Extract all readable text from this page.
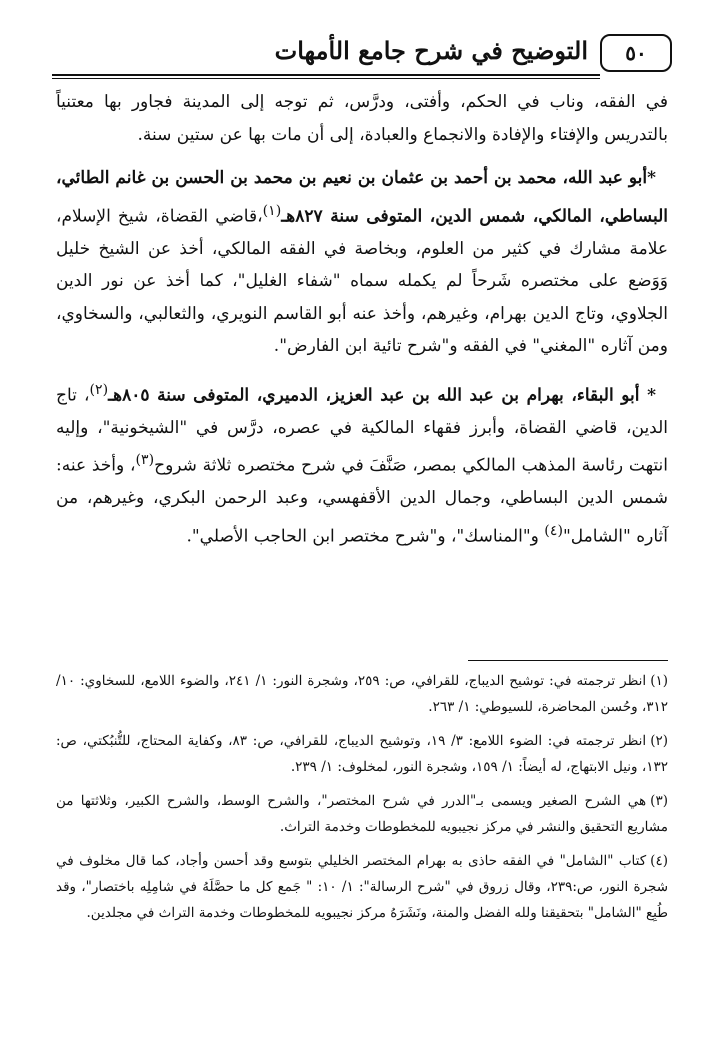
٥٠
التوضيح في شرح جامع الأمهات

في الفقه، وناب في الحكم، وأفتى، ودرَّس، ثم توجه إلى المدينة فجاور بها معتنياً بالتدريس والإفتاء والإفادة والانجماع والعبادة، إلى أن مات بها عن ستين سنة.

*أبو عبد الله، محمد بن أحمد بن عثمان بن نعيم بن محمد بن الحسن بن غانم الطائي، البساطي، المالكي، شمس الدين، المتوفى سنة ٨٢٧هـ$^{(١)}$،قاضي القضاة، شيخ الإسلام، علامة مشارك في كثير من العلوم، وبخاصة في الفقه المالكي، أخذ عن الشيخ خليل وَوَضع على مختصره شَرحاً لم يكمله سماه "شفاء الغليل"، كما أخذ عن نور الدين الجلاوي، وتاج الدين بهرام، وغيرهم، وأخذ عنه أبو القاسم النويري، والثعالبي، والسخاوي، ومن آثاره "المغني" في الفقه و"شرح تائية ابن الفارض".

* أبو البقاء، بهرام بن عبد الله بن عبد العزيز، الدميري، المتوفى سنة ٨٠٥هـ$^{(٢)}$، تاج الدين، قاضي القضاة، وأبرز فقهاء المالكية في عصره، درَّس في "الشيخونية"، وإليه انتهت رئاسة المذهب المالكي بمصر، صَنَّفَ في شرح مختصره ثلاثة شروح$^{(٣)}$، وأخذ عنه: شمس الدين البساطي، وجمال الدين الأقفهسي، وعبد الرحمن البكري، وغيرهم، من آثاره "الشامل"$^{(٤)}$ و"المناسك"، و"شرح مختصر ابن الحاجب الأصلي".

(١)انظر ترجمته في: توشيح الديباج، للقرافي، ص: ٢٥٩، وشجرة النور: ١/ ٢٤١، والضوء اللامع، للسخاوي: ١٠/ ٣١٢، وحُسن المحاضرة، للسيوطي: ١/ ٢٦٣.

(٢)انظر ترجمته في: الضوء اللامع: ٣/ ١٩، وتوشيح الديباج، للقرافي، ص: ٨٣، وكفاية المحتاج، للتُّنبُكتي، ص: ١٣٢، ونيل الابتهاج، له أيضاً: ١/ ١٥٩، وشجرة النور، لمخلوف: ١/ ٢٣٩.

(٣)هي الشرح الصغير ويسمى بـ"الدرر في شرح المختصر"، والشرح الوسط، والشرح الكبير، وثلاثتها من مشاريع التحقيق والنشر في مركز نجيبويه للمخطوطات وخدمة التراث.

(٤)كتاب "الشامل" في الفقه حاذى به بهرام المختصر الخليلي بتوسع وقد أحسن وأجاد، كما قال مخلوف في شجرة النور، ص:٢٣٩، وقال زروق في "شرح الرسالة": ١/ ١٠: " جَمع كل ما حصَّلَهُ في شامِلِه باختصار"، وقد طُبِع "الشامل" بتحقيقنا ولله الفضل والمنة، ونَشَرَهُ مركز نجيبويه للمخطوطات وخدمة التراث في مجلدين.
